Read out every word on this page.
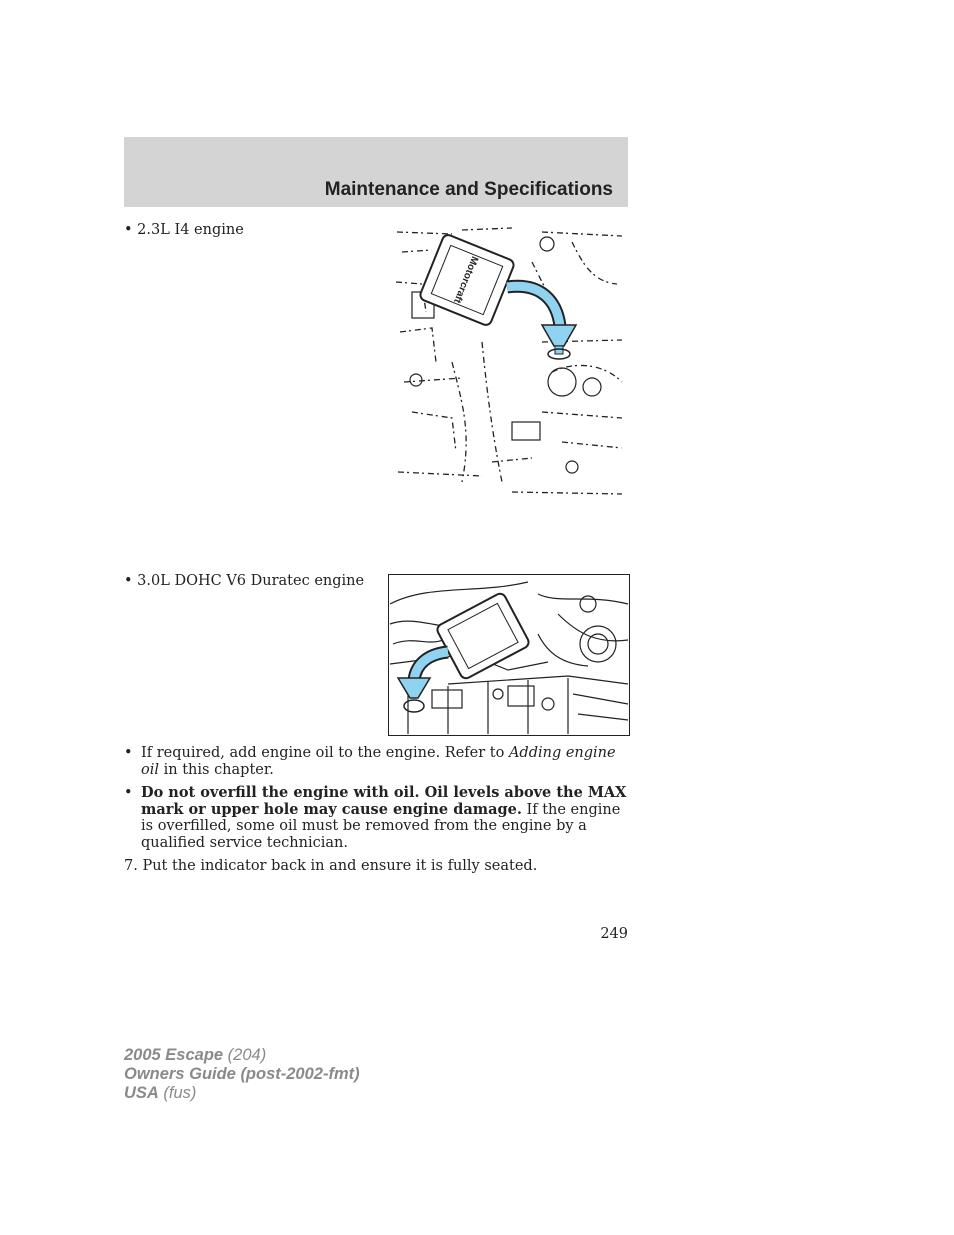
Maintenance and Specifications
• 2.3L I4 engine
Motorcraft
• 3.0L DOHC V6 Duratec engine
• If required, add engine oil to the engine. Refer to Adding engine oil in this chapter.
• Do not overfill the engine with oil. Oil levels above the MAX mark or upper hole may cause engine damage. If the engine is overfilled, some oil must be removed from the engine by a qualified service technician.
7. Put the indicator back in and ensure it is fully seated.
249
2005 Escape (204)
Owners Guide (post-2002-fmt)
USA (fus)
